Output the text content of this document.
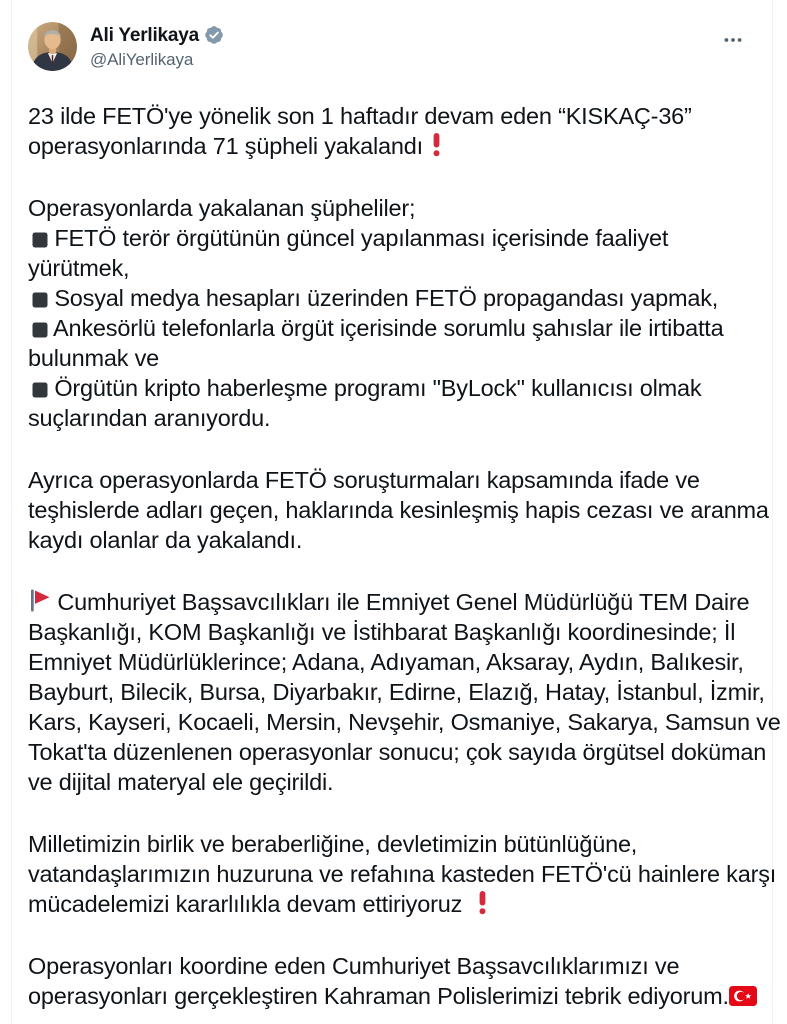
Ali Yerlikaya
@AliYerlikaya
23 ilde FETÖ'ye yönelik son 1 haftadır devam eden “KISKAÇ-36”
operasyonlarında 71 şüpheli yakalandı
Operasyonlarda yakalanan şüpheliler;
FETÖ terör örgütünün güncel yapılanması içerisinde faaliyet
yürütmek,
Sosyal medya hesapları üzerinden FETÖ propagandası yapmak,
Ankesörlü telefonlarla örgüt içerisinde sorumlu şahıslar ile irtibatta
bulunmak ve
Örgütün kripto haberleşme programı "ByLock" kullanıcısı olmak
suçlarından aranıyordu.
Ayrıca operasyonlarda FETÖ soruşturmaları kapsamında ifade ve
teşhislerde adları geçen, haklarında kesinleşmiş hapis cezası ve aranma
kaydı olanlar da yakalandı.
Cumhuriyet Başsavcılıkları ile Emniyet Genel Müdürlüğü TEM Daire
Başkanlığı, KOM Başkanlığı ve İstihbarat Başkanlığı koordinesinde; İl
Emniyet Müdürlüklerince; Adana, Adıyaman, Aksaray, Aydın, Balıkesir,
Bayburt, Bilecik, Bursa, Diyarbakır, Edirne, Elazığ, Hatay, İstanbul, İzmir,
Kars, Kayseri, Kocaeli, Mersin, Nevşehir, Osmaniye, Sakarya, Samsun ve
Tokat'ta düzenlenen operasyonlar sonucu; çok sayıda örgütsel doküman
ve dijital materyal ele geçirildi.
Milletimizin birlik ve beraberliğine, devletimizin bütünlüğüne,
vatandaşlarımızın huzuruna ve refahına kasteden FETÖ'cü hainlere karşı
mücadelemizi kararlılıkla devam ettiriyoruz
Operasyonları koordine eden Cumhuriyet Başsavcılıklarımızı ve
operasyonları gerçekleştiren Kahraman Polislerimizi tebrik ediyorum.
